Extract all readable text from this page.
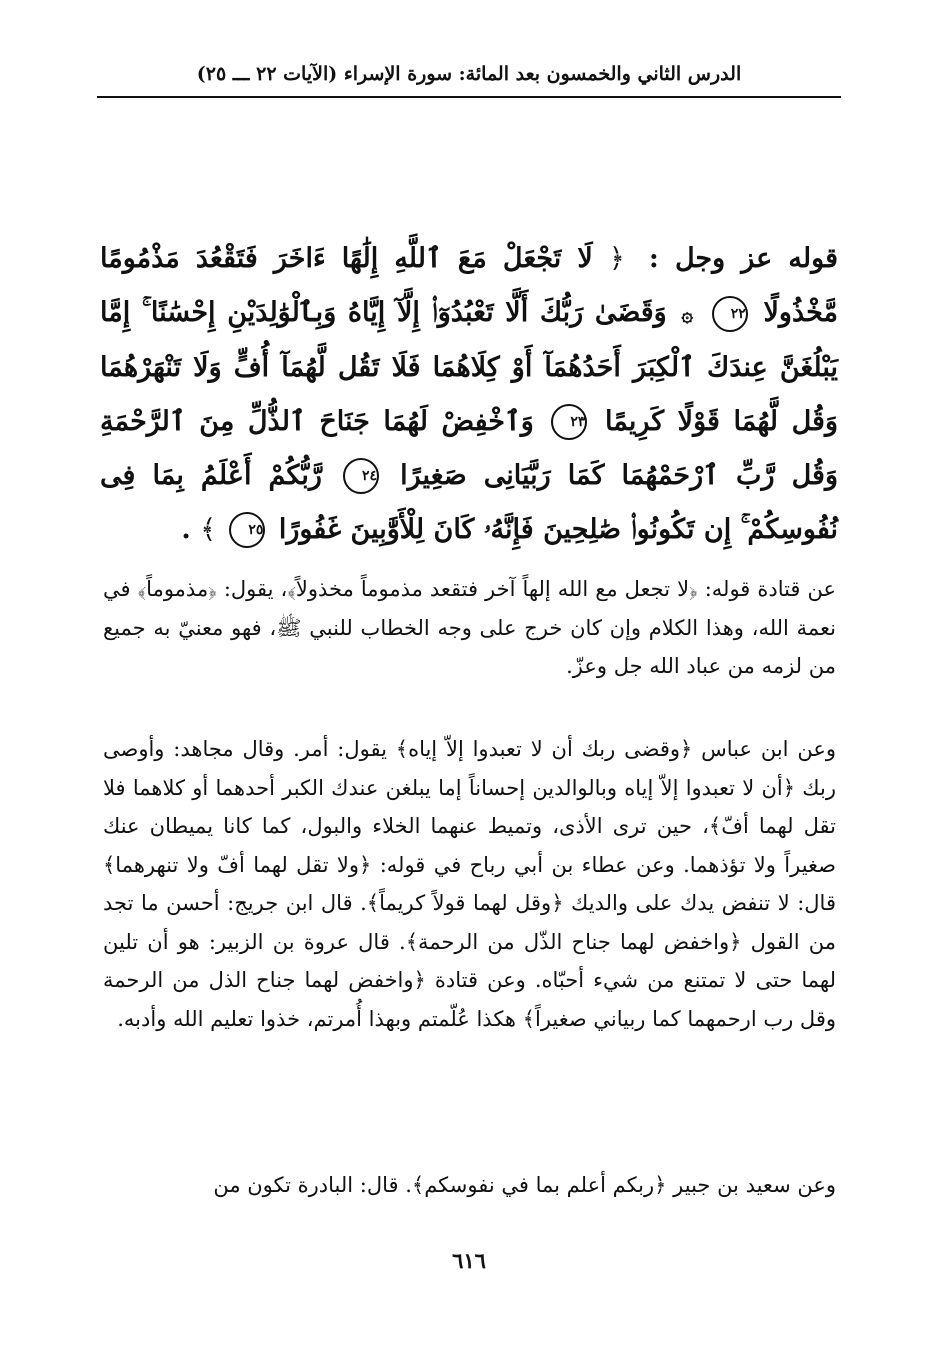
الدرس الثاني والخمسون بعد المائة: سورة الإسراء (الآيات ٢٢ ـــ ٢٥)
قوله عز وجل : ﴿ لَا تَجْعَلْ مَعَ ٱللَّهِ إِلَٰهًا ءَاخَرَ فَتَقْعُدَ مَذْمُومًا مَّخْذُولًا ٢٢ ۞ وَقَضَىٰ رَبُّكَ أَلَّا تَعْبُدُوٓا۟ إِلَّآ إِيَّاهُ وَبِٱلْوَٰلِدَيْنِ إِحْسَٰنًا ۚ إِمَّا يَبْلُغَنَّ عِندَكَ ٱلْكِبَرَ أَحَدُهُمَآ أَوْ كِلَاهُمَا فَلَا تَقُل لَّهُمَآ أُفٍّ وَلَا تَنْهَرْهُمَا وَقُل لَّهُمَا قَوْلًا كَرِيمًا ٢٣ وَٱخْفِضْ لَهُمَا جَنَاحَ ٱلذُّلِّ مِنَ ٱلرَّحْمَةِ وَقُل رَّبِّ ٱرْحَمْهُمَا كَمَا رَبَّيَانِى صَغِيرًا ٢٤ رَّبُّكُمْ أَعْلَمُ بِمَا فِى نُفُوسِكُمْ ۚ إِن تَكُونُوا۟ صَٰلِحِينَ فَإِنَّهُۥ كَانَ لِلْأَوَّٰبِينَ غَفُورًا ٢٥ ﴾ .
عن قتادة قوله: ﴿لا تجعل مع الله إلهاً آخر فتقعد مذموماً مخذولاً﴾، يقول: ﴿مذموماً﴾ في نعمة الله، وهذا الكلام وإن كان خرج على وجه الخطاب للنبي ﷺ، فهو معنيّ به جميع من لزمه من عباد الله جل وعزّ.
وعن ابن عباس ﴿وقضى ربك أن لا تعبدوا إلاّ إياه﴾ يقول: أمر. وقال مجاهد: وأوصى ربك ﴿أن لا تعبدوا إلاّ إياه وبالوالدين إحساناً إما يبلغن عندك الكبر أحدهما أو كلاهما فلا تقل لهما أفّ﴾، حين ترى الأذى، وتميط عنهما الخلاء والبول، كما كانا يميطان عنك صغيراً ولا تؤذهما. وعن عطاء بن أبي رباح في قوله: ﴿ولا تقل لهما أفّ ولا تنهرهما﴾ قال: لا تنفض يدك على والديك ﴿وقل لهما قولاً كريماً﴾. قال ابن جريج: أحسن ما تجد من القول ﴿واخفض لهما جناح الذّل من الرحمة﴾. قال عروة بن الزبير: هو أن تلين لهما حتى لا تمتنع من شيء أحبّاه. وعن قتادة ﴿واخفض لهما جناح الذل من الرحمة وقل رب ارحمهما كما ربياني صغيراً﴾ هكذا عُلّمتم وبهذا أُمرتم، خذوا تعليم الله وأدبه.
وعن سعيد بن جبير ﴿ربكم أعلم بما في نفوسكم﴾. قال: البادرة تكون من
٦١٦
